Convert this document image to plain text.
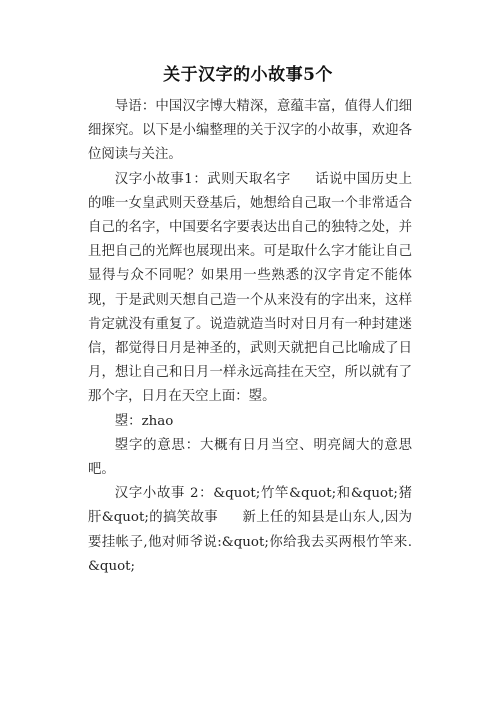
关于汉字的小故事5个

导语：中国汉字博大精深，意蕴丰富，值得人们细细探究。以下是小编整理的关于汉字的小故事，欢迎各位阅读与关注。

汉字小故事1：武则天取名字 话说中国历史上的唯一女皇武则天登基后，她想给自己取一个非常适合自己的名字，中国要名字要表达出自己的独特之处，并且把自己的光辉也展现出来。可是取什么字才能让自己显得与众不同呢？如果用一些熟悉的汉字肯定不能体现，于是武则天想自己造一个从来没有的字出来，这样肯定就没有重复了。说造就造当时对日月有一种封建迷信，都觉得日月是神圣的，武则天就把自己比喻成了日月，想让自己和日月一样永远高挂在天空，所以就有了那个字，日月在天空上面：曌。

曌：zhao

曌字的意思：大概有日月当空、明亮阔大的意思吧。

汉字小故事 2：&quot;竹竿&quot;和&quot;猪肝&quot;的搞笑故事 新上任的知县是山东人,因为要挂帐子,他对师爷说:&quot;你给我去买两根竹竿来.&quot;
